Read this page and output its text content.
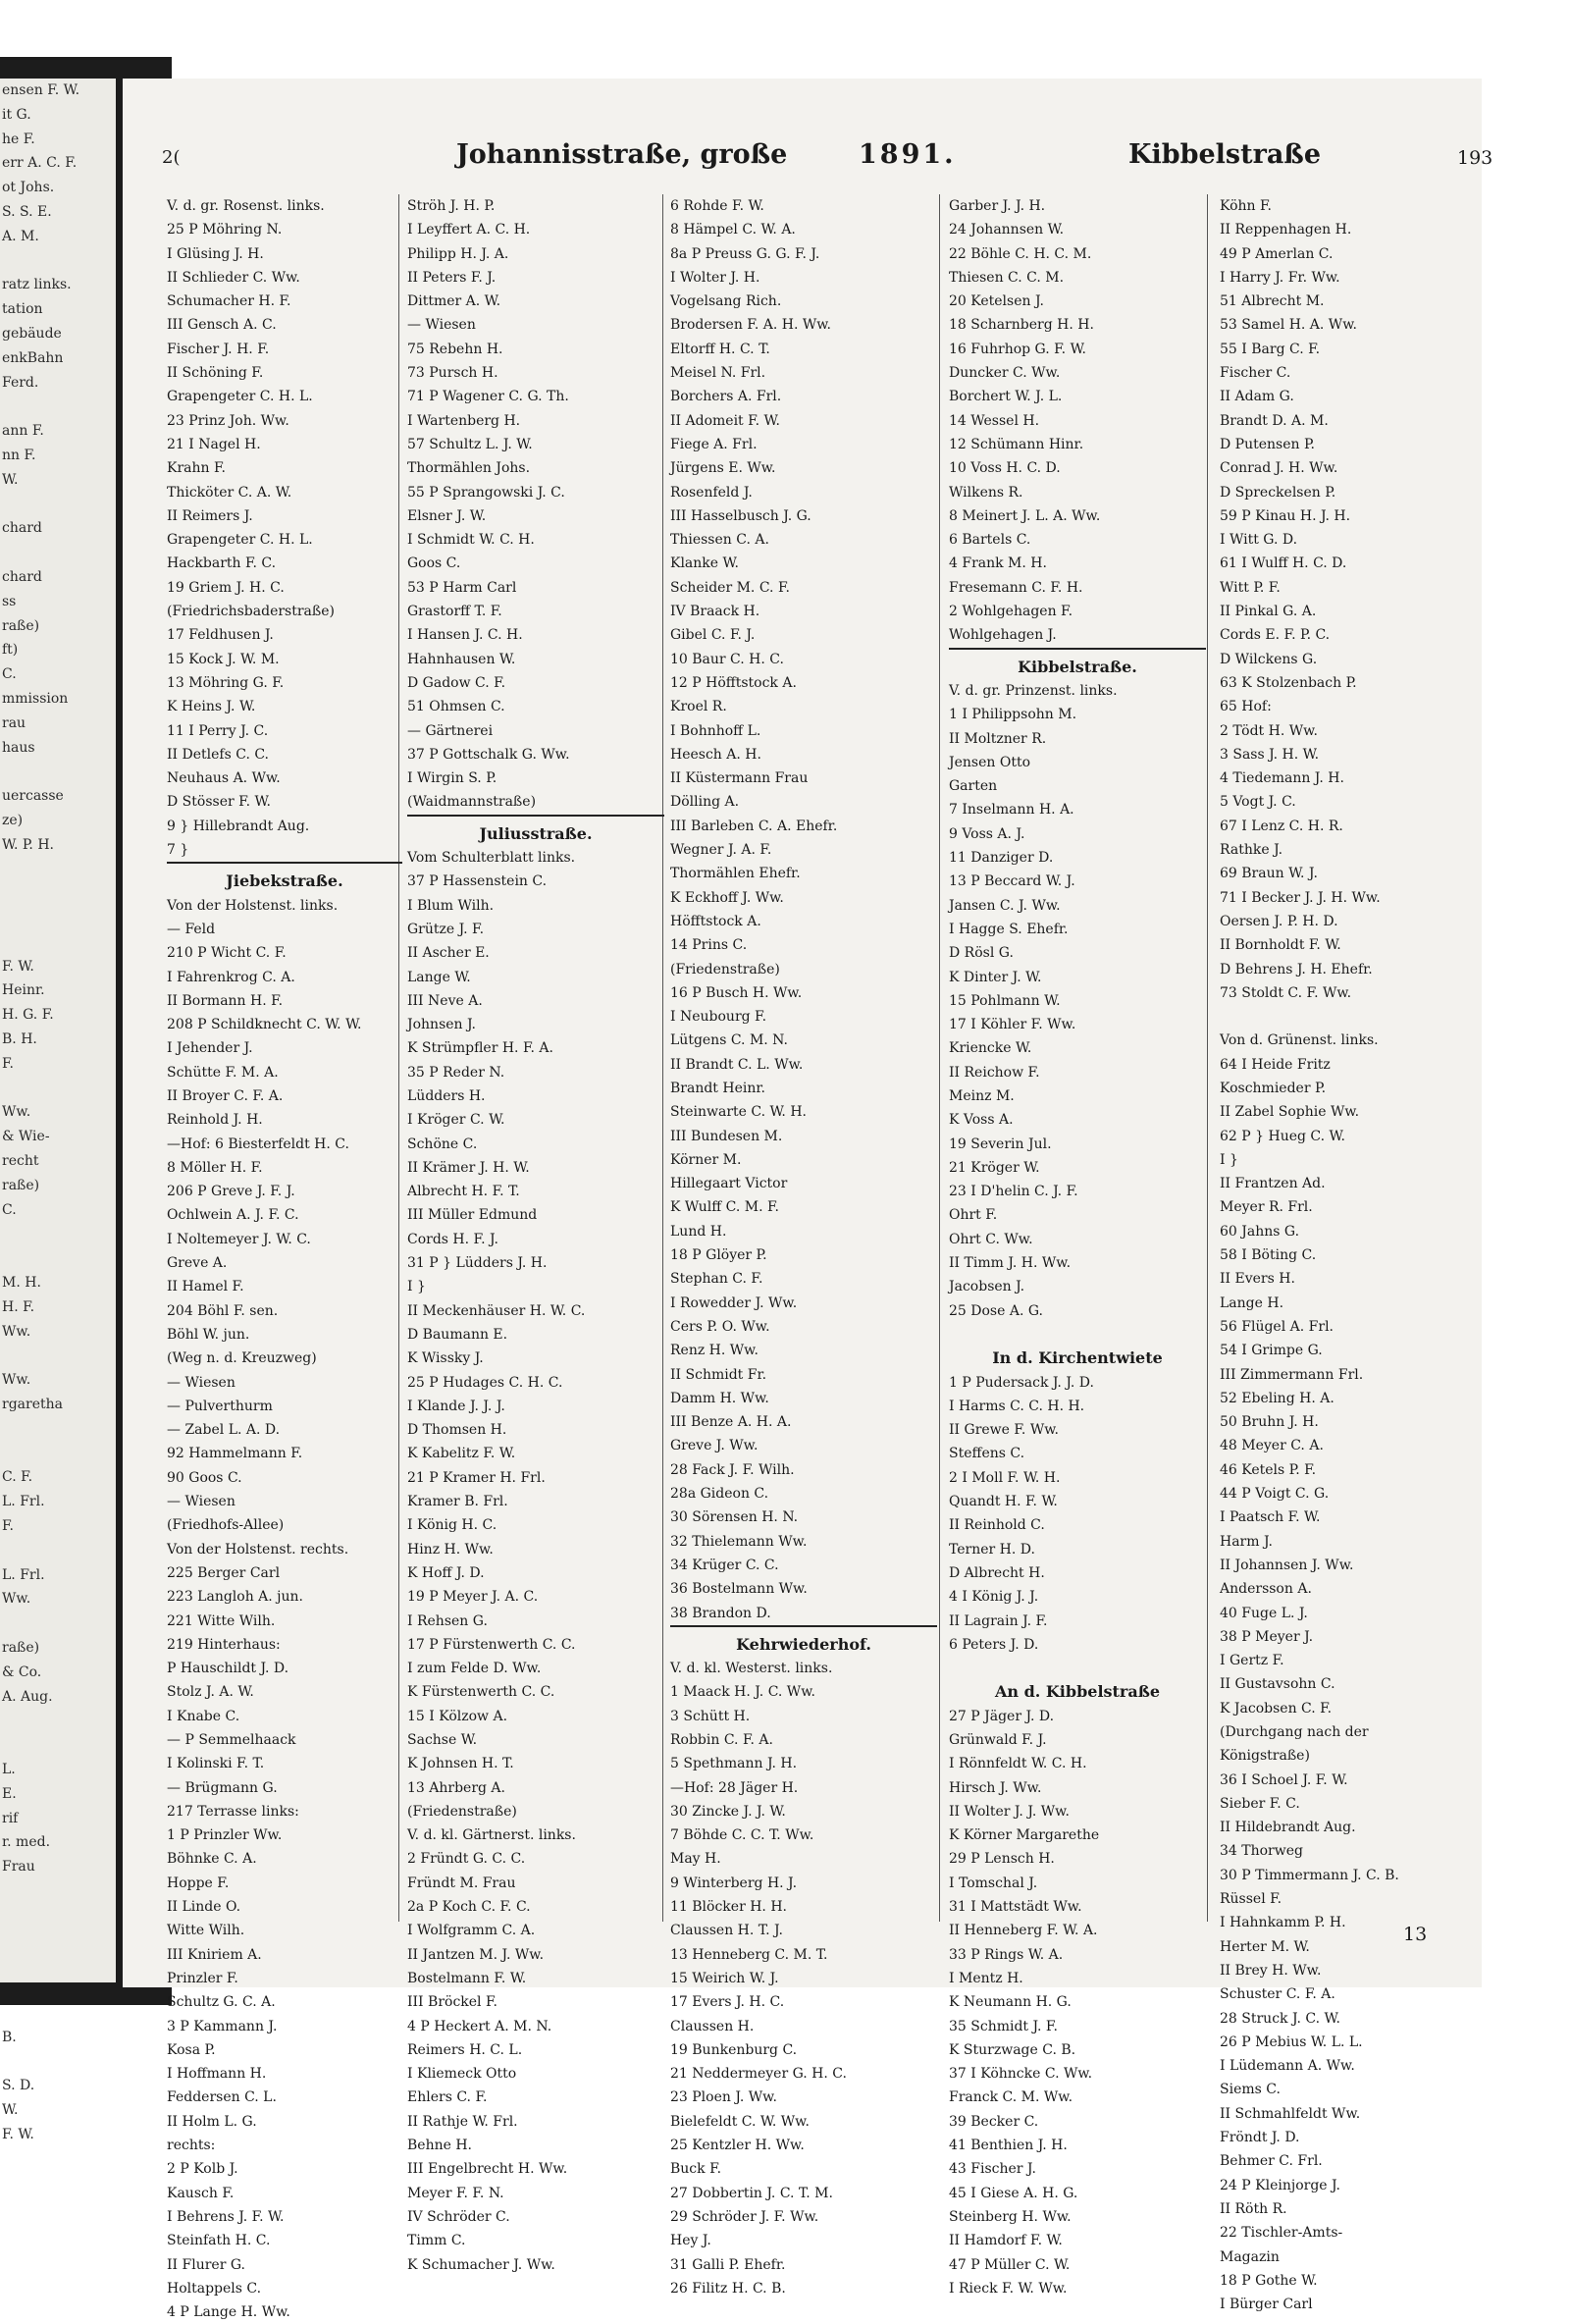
ensen F. W.
it G.
he F.
err A. C. F.
ot Johs.
S. S. E.
A. M.
ratz links.
tation
gebäude
enkBahn
Ferd.
ann F.
nn F.
W.
chard
chard
ss
raße)
ft)
C.
mmission
rau
haus
uercasse
ze)
W. P. H.
F. W.
Heinr.
H. G. F.
B. H.
F.
Ww.
& Wie-
recht
raße)
C.
M. H.
H. F.
Ww.
Ww.
rgaretha
C. F.
L. Frl.
F.
L. Frl.
Ww.
raße)
& Co.
A. Aug.
L.
E.
rif
r. med.
Frau
B.
S. D.
W.
F. W.
2(	Johannisstraße, große	1891.	Kibbelstraße	193
V. d. gr. Rosenst. links.
25 P Möhring N.
I Glüsing J. H.
II Schlieder C. Ww.
Schumacher H. F.
III Gensch A. C.
Fischer J. H. F.
II Schöning F.
Grapengeter C. H. L.
23 Prinz Joh. Ww.
21 I Nagel H.
Krahn F.
Thicköter C. A. W.
II Reimers J.
Grapengeter C. H. L.
Hackbarth F. C.
19 Griem J. H. C.
(Friedrichsbaderstraße)
17 Feldhusen J.
15 Kock J. W. M.
13 Möhring G. F.
K Heins J. W.
11 I Perry J. C.
II Detlefs C. C.
Neuhaus A. Ww.
D Stösser F. W.
9 } Hillebrandt Aug.
7 }
Jiebekstraße.
Von der Holstenst. links.
— Feld
210 P Wicht C. F.
I Fahrenkrog C. A.
II Bormann H. F.
208 P Schildknecht C. W. W.
I Jehender J.
Schütte F. M. A.
II Broyer C. F. A.
Reinhold J. H.
—Hof: 6 Biesterfeldt H. C.
8 Möller H. F.
206 P Greve J. F. J.
Ochlwein A. J. F. C.
I Noltemeyer J. W. C.
Greve A.
II Hamel F.
204 Böhl F. sen.
Böhl W. jun.
(Weg n. d. Kreuzweg)
— Wiesen
— Pulverthurm
— Zabel L. A. D.
92 Hammelmann F.
90 Goos C.
— Wiesen
(Friedhofs-Allee)
Von der Holstenst. rechts.
225 Berger Carl
223 Langloh A. jun.
221 Witte Wilh.
219 Hinterhaus:
P Hauschildt J. D.
Stolz J. A. W.
I Knabe C.
— P Semmelhaack
I Kolinski F. T.
— Brügmann G.
217 Terrasse links:
1 P Prinzler Ww.
Böhnke C. A.
Hoppe F.
II Linde O.
Witte Wilh.
III Kniriem A.
Prinzler F.
Schultz G. C. A.
3 P Kammann J.
Kosa P.
I Hoffmann H.
Feddersen C. L.
II Holm L. G.
rechts:
2 P Kolb J.
Kausch F.
I Behrens J. F. W.
Steinfath H. C.
II Flurer G.
Holtappels C.
4 P Lange H. Ww.
Ströh J. H. P.
I Leyffert A. C. H.
Philipp H. J. A.
II Peters F. J.
Dittmer A. W.
— Wiesen
75 Rebehn H.
73 Pursch H.
71 P Wagener C. G. Th.
I Wartenberg H.
57 Schultz L. J. W.
Thormählen Johs.
55 P Sprangowski J. C.
Elsner J. W.
I Schmidt W. C. H.
Goos C.
53 P Harm Carl
Grastorff T. F.
I Hansen J. C. H.
Hahnhausen W.
D Gadow C. F.
51 Ohmsen C.
— Gärtnerei
37 P Gottschalk G. Ww.
I Wirgin S. P.
(Waidmannstraße)
Juliusstraße.
Vom Schulterblatt links.
37 P Hassenstein C.
I Blum Wilh.
Grütze J. F.
II Ascher E.
Lange W.
III Neve A.
Johnsen J.
K Strümpfler H. F. A.
35 P Reder N.
Lüdders H.
I Kröger C. W.
Schöne C.
II Krämer J. H. W.
Albrecht H. F. T.
III Müller Edmund
Cords H. F. J.
31 P } Lüdders J. H.
I }
II Meckenhäuser H. W. C.
D Baumann E.
K Wissky J.
25 P Hudages C. H. C.
I Klande J. J. J.
D Thomsen H.
K Kabelitz F. W.
21 P Kramer H. Frl.
Kramer B. Frl.
I König H. C.
Hinz H. Ww.
K Hoff J. D.
19 P Meyer J. A. C.
I Rehsen G.
17 P Fürstenwerth C. C.
I zum Felde D. Ww.
K Fürstenwerth C. C.
15 I Kölzow A.
Sachse W.
K Johnsen H. T.
13 Ahrberg A.
(Friedenstraße)
V. d. kl. Gärtnerst. links.
2 Fründt G. C. C.
Fründt M. Frau
2a P Koch C. F. C.
I Wolfgramm C. A.
II Jantzen M. J. Ww.
Bostelmann F. W.
III Bröckel F.
4 P Heckert A. M. N.
Reimers H. C. L.
I Kliemeck Otto
Ehlers C. F.
II Rathje W. Frl.
Behne H.
III Engelbrecht H. Ww.
Meyer F. F. N.
IV Schröder C.
Timm C.
K Schumacher J. Ww.
6 Rohde F. W.
8 Hämpel C. W. A.
8a P Preuss G. G. F. J.
I Wolter J. H.
Vogelsang Rich.
Brodersen F. A. H. Ww.
Eltorff H. C. T.
Meisel N. Frl.
Borchers A. Frl.
II Adomeit F. W.
Fiege A. Frl.
Jürgens E. Ww.
Rosenfeld J.
III Hasselbusch J. G.
Thiessen C. A.
Klanke W.
Scheider M. C. F.
IV Braack H.
Gibel C. F. J.
10 Baur C. H. C.
12 P Höfftstock A.
Kroel R.
I Bohnhoff L.
Heesch A. H.
II Küstermann Frau
Dölling A.
III Barleben C. A. Ehefr.
Wegner J. A. F.
Thormählen Ehefr.
K Eckhoff J. Ww.
Höfftstock A.
14 Prins C.
(Friedenstraße)
16 P Busch H. Ww.
I Neubourg F.
Lütgens C. M. N.
II Brandt C. L. Ww.
Brandt Heinr.
Steinwarte C. W. H.
III Bundesen M.
Körner M.
Hillegaart Victor
K Wulff C. M. F.
Lund H.
18 P Glöyer P.
Stephan C. F.
I Rowedder J. Ww.
Cers P. O. Ww.
Renz H. Ww.
II Schmidt Fr.
Damm H. Ww.
III Benze A. H. A.
Greve J. Ww.
28 Fack J. F. Wilh.
28a Gideon C.
30 Sörensen H. N.
32 Thielemann Ww.
34 Krüger C. C.
36 Bostelmann Ww.
38 Brandon D.
Kehrwiederhof.
V. d. kl. Westerst. links.
1 Maack H. J. C. Ww.
3 Schütt H.
Robbin C. F. A.
5 Spethmann J. H.
—Hof: 28 Jäger H.
30 Zincke J. J. W.
7 Böhde C. C. T. Ww.
May H.
9 Winterberg H. J.
11 Blöcker H. H.
Claussen H. T. J.
13 Henneberg C. M. T.
15 Weirich W. J.
17 Evers J. H. C.
Claussen H.
19 Bunkenburg C.
21 Neddermeyer G. H. C.
23 Ploen J. Ww.
Bielefeldt C. W. Ww.
25 Kentzler H. Ww.
Buck F.
27 Dobbertin J. C. T. M.
29 Schröder J. F. Ww.
Hey J.
31 Galli P. Ehefr.
26 Filitz H. C. B.
Garber J. J. H.
24 Johannsen W.
22 Böhle C. H. C. M.
Thiesen C. C. M.
20 Ketelsen J.
18 Scharnberg H. H.
16 Fuhrhop G. F. W.
Duncker C. Ww.
Borchert W. J. L.
14 Wessel H.
12 Schümann Hinr.
10 Voss H. C. D.
Wilkens R.
8 Meinert J. L. A. Ww.
6 Bartels C.
4 Frank M. H.
Fresemann C. F. H.
2 Wohlgehagen F.
Wohlgehagen J.
Kibbelstraße.
V. d. gr. Prinzenst. links.
1 I Philippsohn M.
II Moltzner R.
Jensen Otto
Garten
7 Inselmann H. A.
9 Voss A. J.
11 Danziger D.
13 P Beccard W. J.
Jansen C. J. Ww.
I Hagge S. Ehefr.
D Rösl G.
K Dinter J. W.
15 Pohlmann W.
17 I Köhler F. Ww.
Kriencke W.
II Reichow F.
Meinz M.
K Voss A.
19 Severin Jul.
21 Kröger W.
23 I D'helin C. J. F.
Ohrt F.
Ohrt C. Ww.
II Timm J. H. Ww.
Jacobsen J.
25 Dose A. G.
In d. Kirchentwiete
1 P Pudersack J. J. D.
I Harms C. C. H. H.
II Grewe F. Ww.
Steffens C.
2 I Moll F. W. H.
Quandt H. F. W.
II Reinhold C.
Terner H. D.
D Albrecht H.
4 I König J. J.
II Lagrain J. F.
6 Peters J. D.
An d. Kibbelstraße
27 P Jäger J. D.
Grünwald F. J.
I Rönnfeldt W. C. H.
Hirsch J. Ww.
II Wolter J. J. Ww.
K Körner Margarethe
29 P Lensch H.
I Tomschal J.
31 I Mattstädt Ww.
II Henneberg F. W. A.
33 P Rings W. A.
I Mentz H.
K Neumann H. G.
35 Schmidt J. F.
K Sturzwage C. B.
37 I Köhncke C. Ww.
Franck C. M. Ww.
39 Becker C.
41 Benthien J. H.
43 Fischer J.
45 I Giese A. H. G.
Steinberg H. Ww.
II Hamdorf F. W.
47 P Müller C. W.
I Rieck F. W. Ww.
13
Köhn F.
II Reppenhagen H.
49 P Amerlan C.
I Harry J. Fr. Ww.
51 Albrecht M.
53 Samel H. A. Ww.
55 I Barg C. F.
Fischer C.
II Adam G.
Brandt D. A. M.
D Putensen P.
Conrad J. H. Ww.
D Spreckelsen P.
59 P Kinau H. J. H.
I Witt G. D.
61 I Wulff H. C. D.
Witt P. F.
II Pinkal G. A.
Cords E. F. P. C.
D Wilckens G.
63 K Stolzenbach P.
65 Hof:
2 Tödt H. Ww.
3 Sass J. H. W.
4 Tiedemann J. H.
5 Vogt J. C.
67 I Lenz C. H. R.
Rathke J.
69 Braun W. J.
71 I Becker J. J. H. Ww.
Oersen J. P. H. D.
II Bornholdt F. W.
D Behrens J. H. Ehefr.
73 Stoldt C. F. Ww.
Von d. Grünenst. links.
64 I Heide Fritz
Koschmieder P.
II Zabel Sophie Ww.
62 P } Hueg C. W.
I }
II Frantzen Ad.
Meyer R. Frl.
60 Jahns G.
58 I Böting C.
II Evers H.
Lange H.
56 Flügel A. Frl.
54 I Grimpe G.
III Zimmermann Frl.
52 Ebeling H. A.
50 Bruhn J. H.
48 Meyer C. A.
46 Ketels P. F.
44 P Voigt C. G.
I Paatsch F. W.
Harm J.
II Johannsen J. Ww.
Andersson A.
40 Fuge L. J.
38 P Meyer J.
I Gertz F.
II Gustavsohn C.
K Jacobsen C. F.
(Durchgang nach der
Königstraße)
36 I Schoel J. F. W.
Sieber F. C.
II Hildebrandt Aug.
34 Thorweg
30 P Timmermann J. C. B.
Rüssel F.
I Hahnkamm P. H.
Herter M. W.
II Brey H. Ww.
Schuster C. F. A.
28 Struck J. C. W.
26 P Mebius W. L. L.
I Lüdemann A. Ww.
Siems C.
II Schmahlfeldt Ww.
Fröndt J. D.
Behmer C. Frl.
24 P Kleinjorge J.
II Röth R.
22 Tischler-Amts-
Magazin
18 P Gothe W.
I Bürger Carl
